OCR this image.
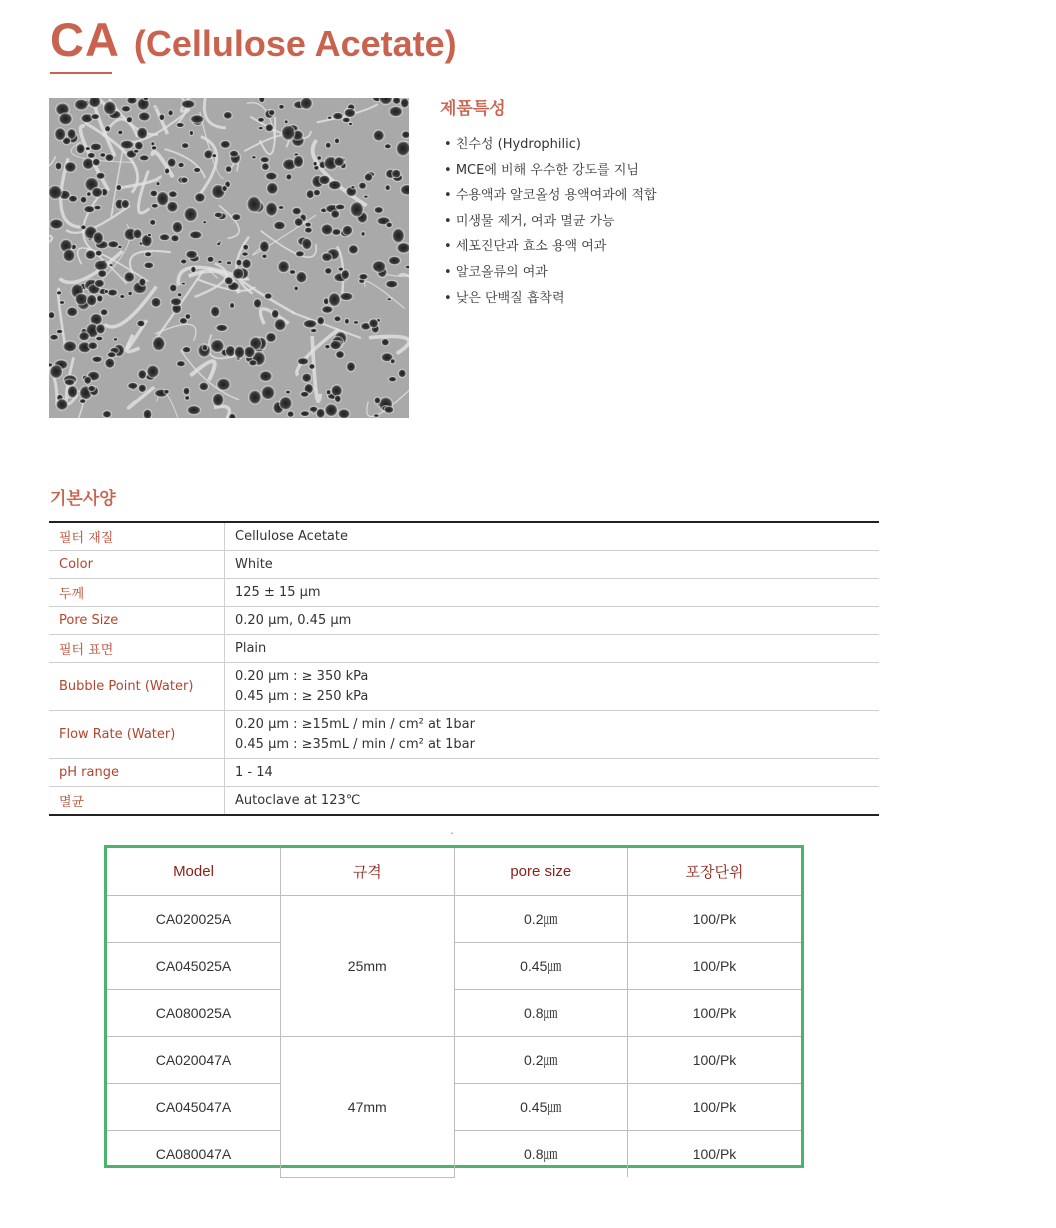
CA (Cellulose Acetate)
제품특성
• 친수성 (Hydrophilic)
• MCE에 비해 우수한 강도를 지님
• 수용액과 알코올성 용액여과에 적합
• 미생물 제거, 여과 멸균 가능
• 세포진단과 효소 용액 여과
• 알코올류의 여과
• 낮은 단백질 흡착력
기본사양
필터 재질	Cellulose Acetate

Color	White

두께	125 ± 15 μm

Pore Size	0.20 μm, 0.45 μm

필터 표면	Plain

Bubble Point (Water)	0.20 μm : ≥ 350 kPa
0.45 μm : ≥ 250 kPa

Flow Rate (Water)	0.20 μm : ≥15mL / min / cm² at 1bar
0.45 μm : ≥35mL / min / cm² at 1bar

pH range	1 - 14

멸균	Autoclave at 123℃
ˇ
Model	규격	pore size	포장단위
CA020025A	25mm	0.2㎛	100/Pk
CA045025A		0.45㎛	100/Pk
CA080025A		0.8㎛	100/Pk
CA020047A	47mm	0.2㎛	100/Pk
CA045047A		0.45㎛	100/Pk
CA080047A		0.8㎛	100/Pk
